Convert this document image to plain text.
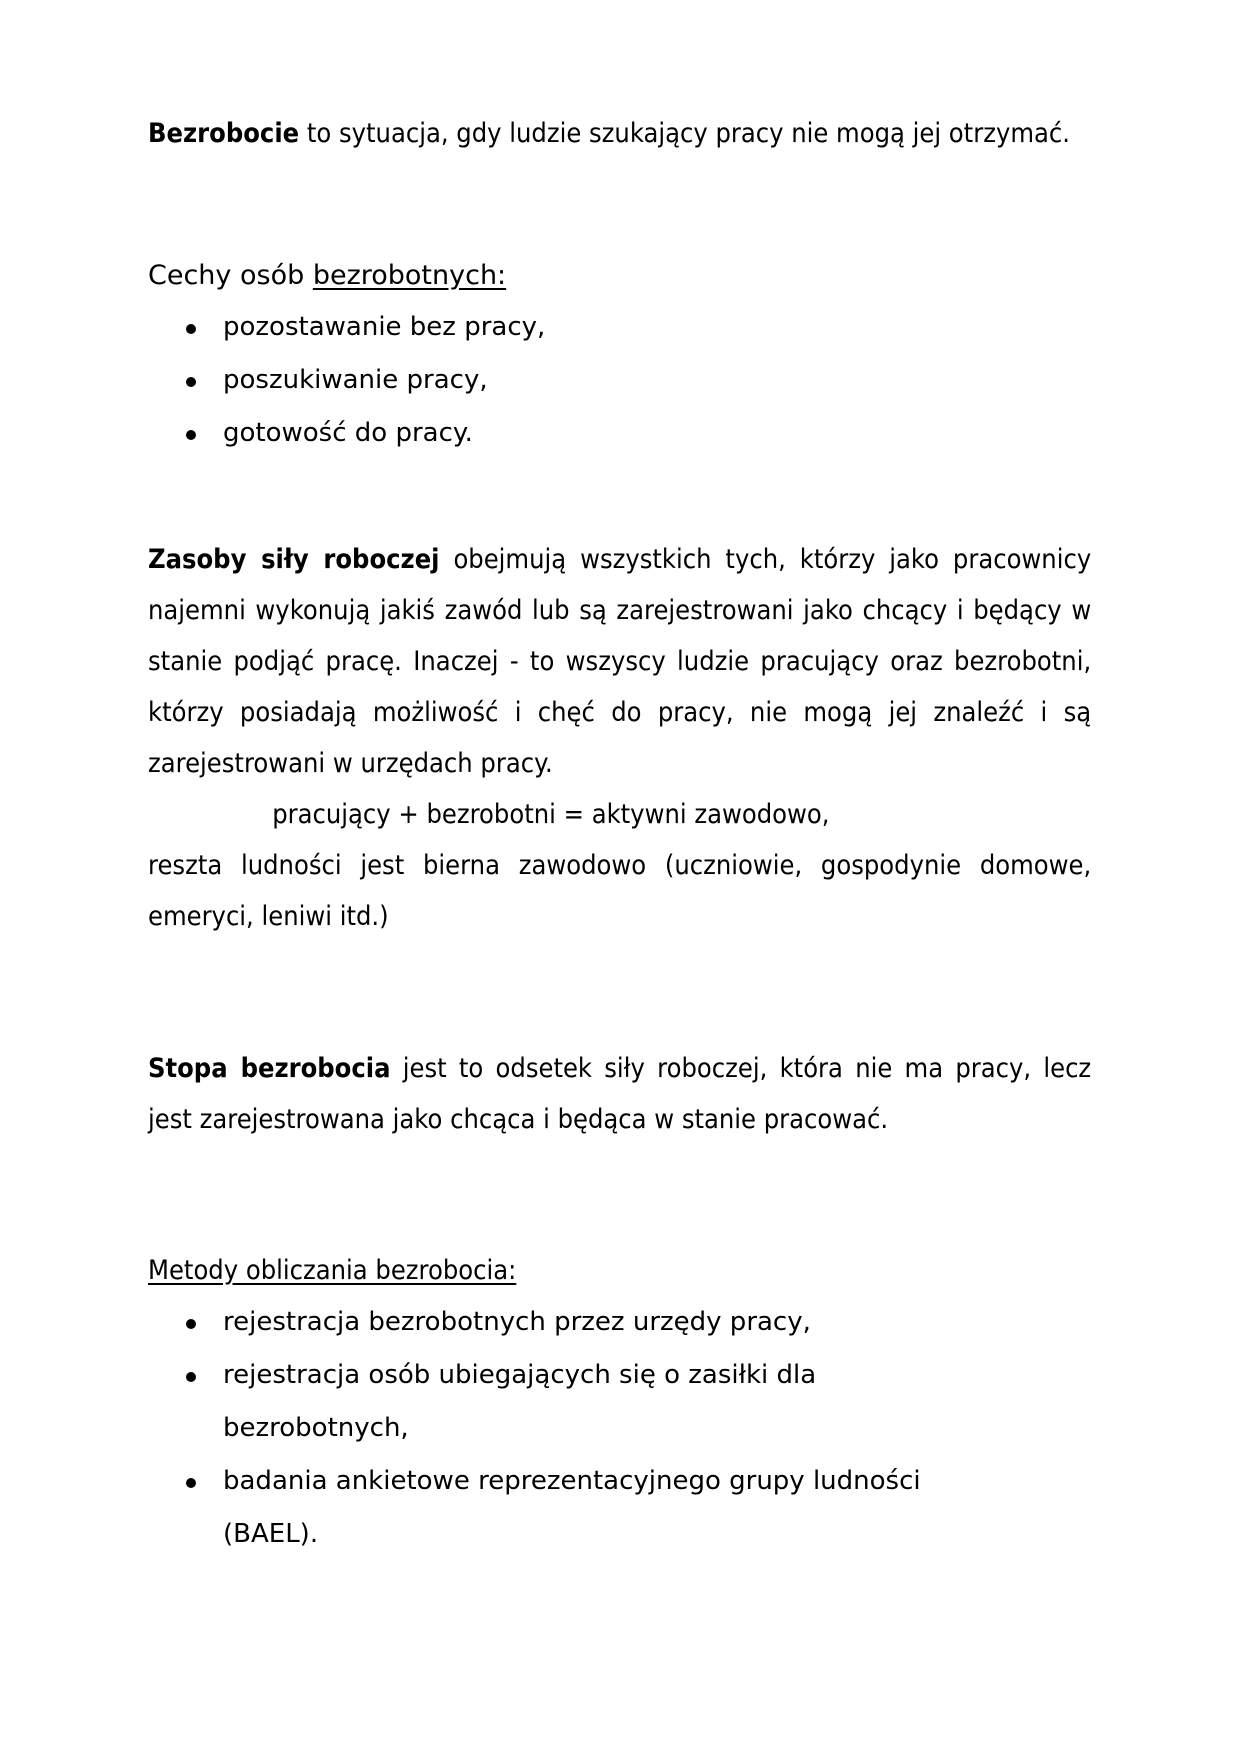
Bezrobocie to sytuacja, gdy ludzie szukający pracy nie mogą jej otrzymać.

Cechy osób bezrobotnych:

pozostawanie bez pracy,
poszukiwanie pracy,
gotowość do pracy.

Zasoby siły roboczej obejmują wszystkich tych, którzy jako pracownicy najemni wykonują jakiś zawód lub są zarejestrowani jako chcący i będący w stanie podjąć pracę. Inaczej - to wszyscy ludzie pracujący oraz bezrobotni, którzy posiadają możliwość i chęć do pracy, nie mogą jej znaleźć i są zarejestrowani w urzędach pracy.

pracujący + bezrobotni = aktywni zawodowo,

reszta ludności jest bierna zawodowo (uczniowie, gospodynie domowe, emeryci, leniwi itd.)

Stopa bezrobocia jest to odsetek siły roboczej, która nie ma pracy, lecz jest zarejestrowana jako chcąca i będąca w stanie pracować.

Metody obliczania bezrobocia:

rejestracja bezrobotnych przez urzędy pracy,
rejestracja osób ubiegających się o zasiłki dla bezrobotnych,
badania ankietowe reprezentacyjnego grupy ludności (BAEL).
